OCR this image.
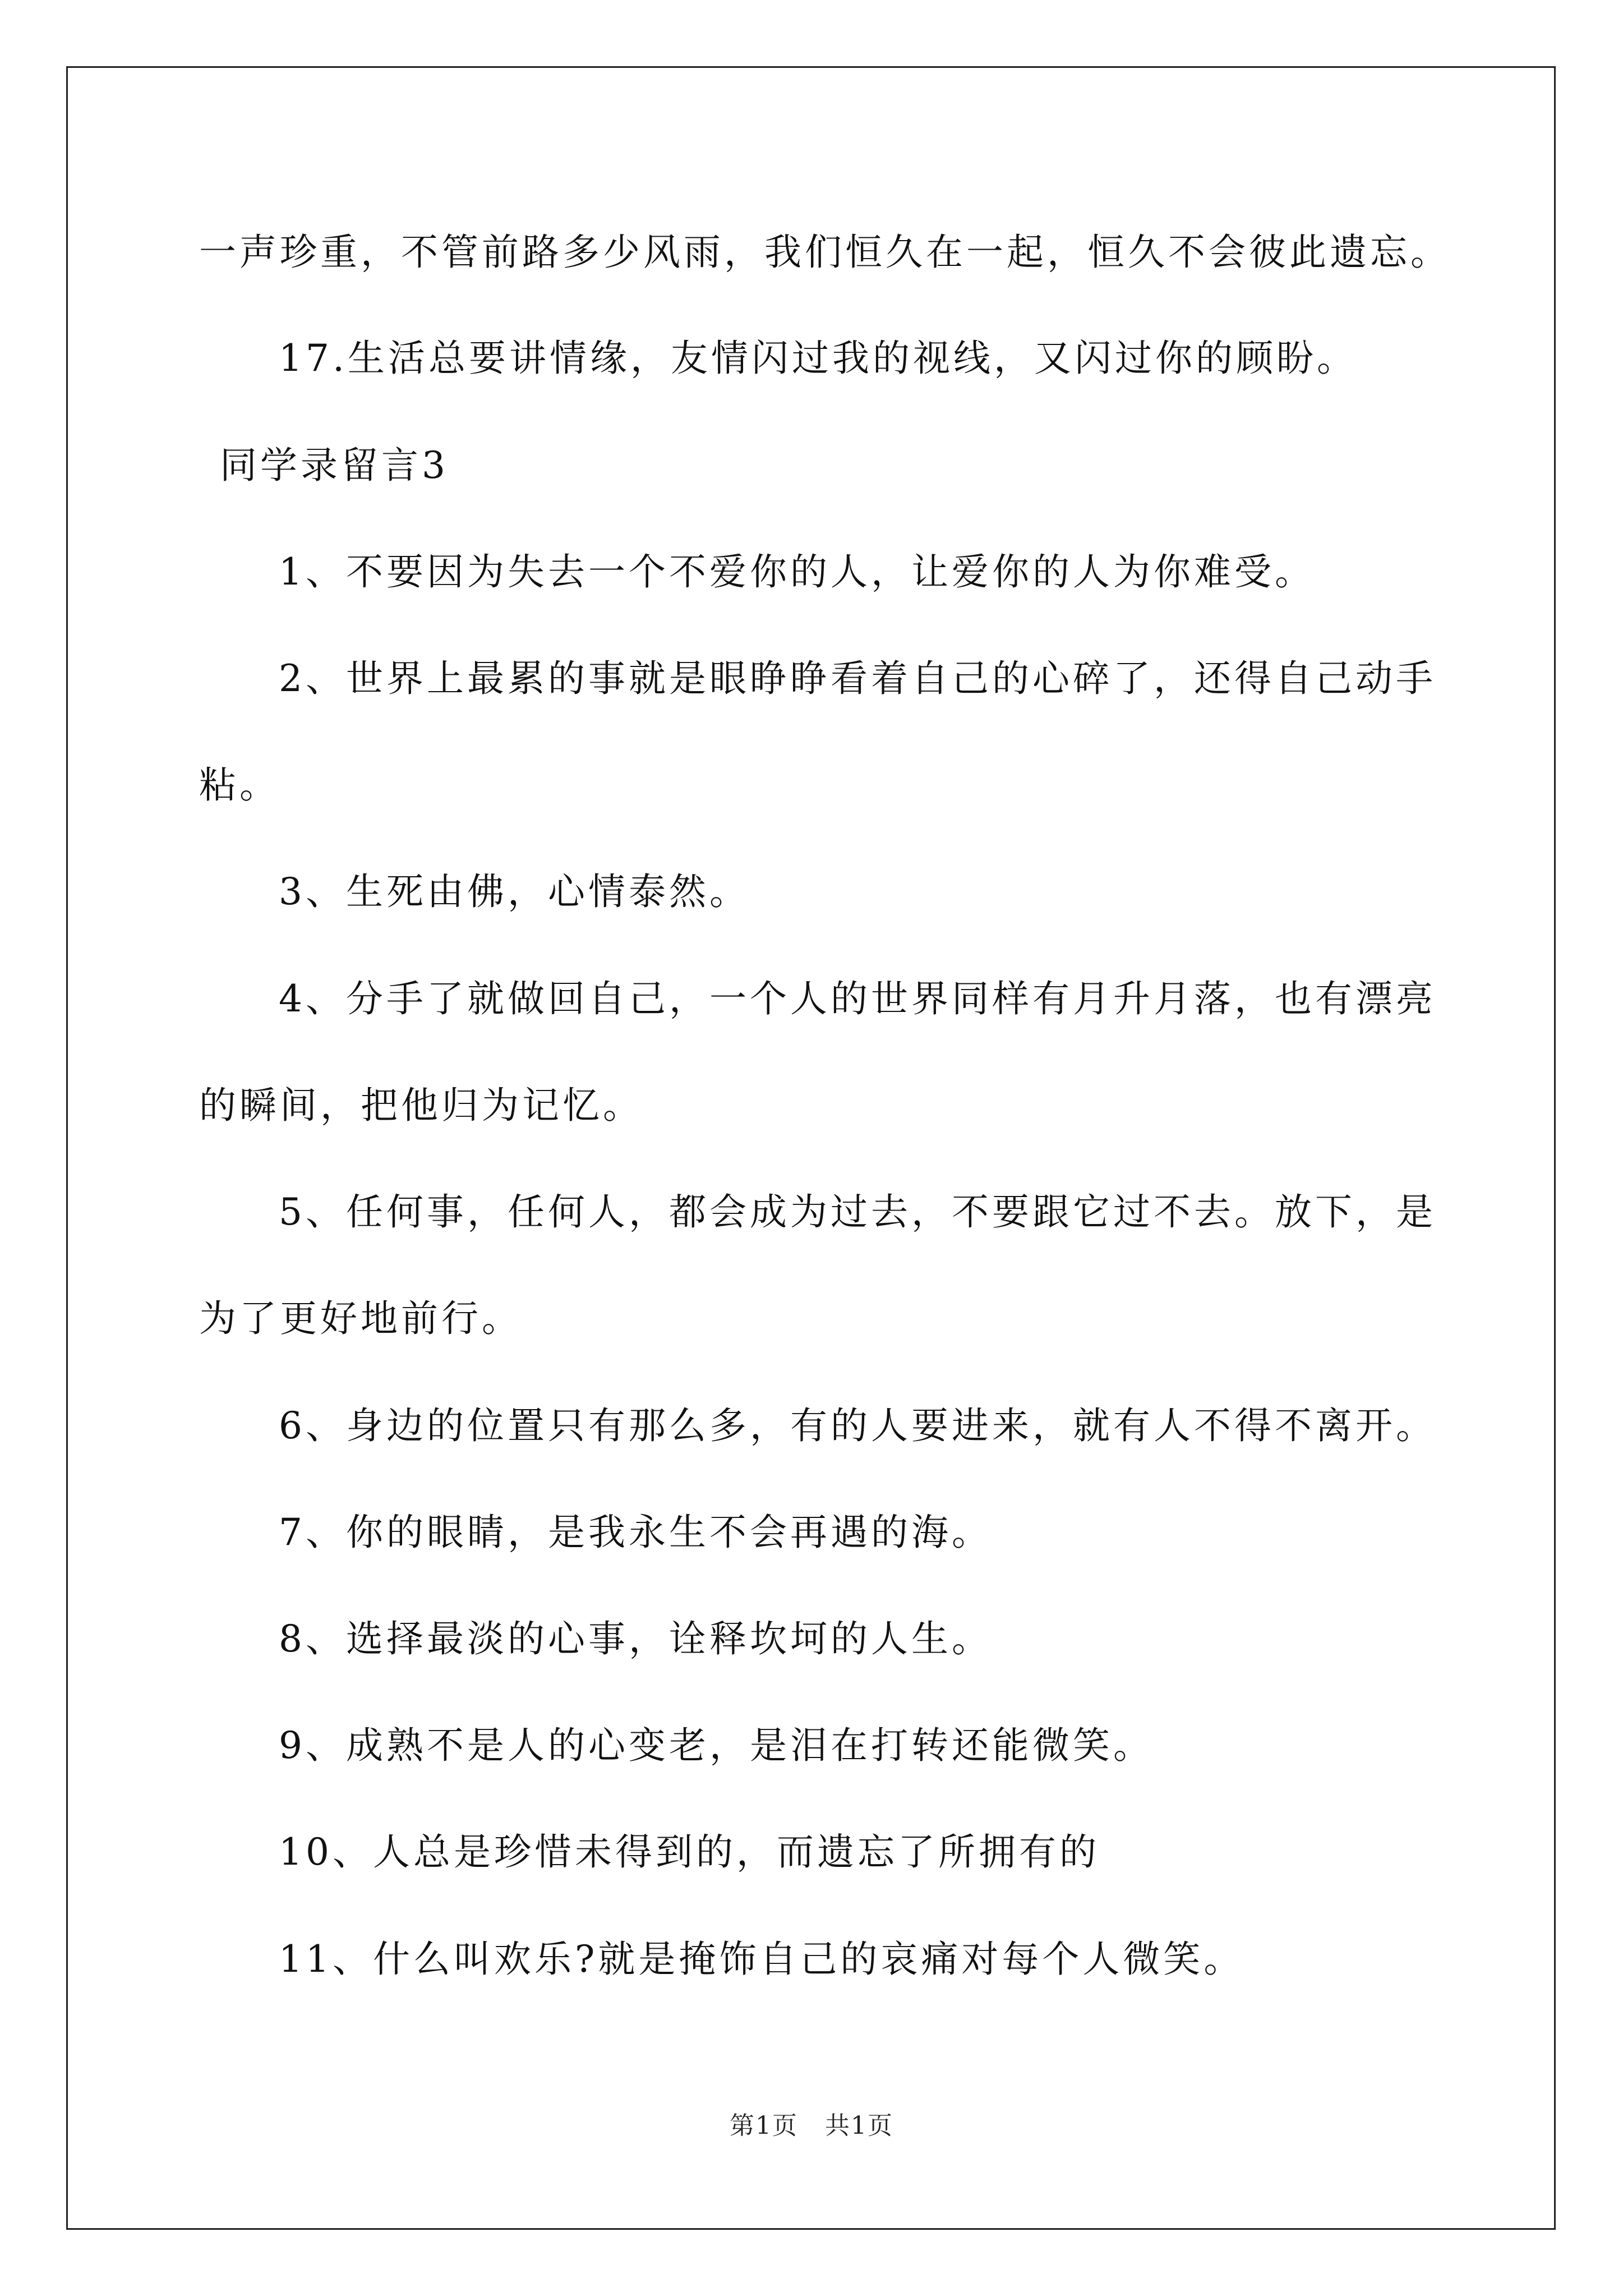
一声珍重，不管前路多少风雨，我们恒久在一起，恒久不会彼此遗忘。
17.生活总要讲情缘，友情闪过我的视线，又闪过你的顾盼。
同学录留言3
1、不要因为失去一个不爱你的人，让爱你的人为你难受。
2、世界上最累的事就是眼睁睁看着自己的心碎了，还得自己动手
粘。
3、生死由佛，心情泰然。
4、分手了就做回自己，一个人的世界同样有月升月落，也有漂亮
的瞬间，把他归为记忆。
5、任何事，任何人，都会成为过去，不要跟它过不去。放下，是
为了更好地前行。
6、身边的位置只有那么多，有的人要进来，就有人不得不离开。
7、你的眼睛，是我永生不会再遇的海。
8、选择最淡的心事，诠释坎坷的人生。
9、成熟不是人的心变老，是泪在打转还能微笑。
10、人总是珍惜未得到的，而遗忘了所拥有的
11、什么叫欢乐?就是掩饰自己的哀痛对每个人微笑。
第1页 共1页
